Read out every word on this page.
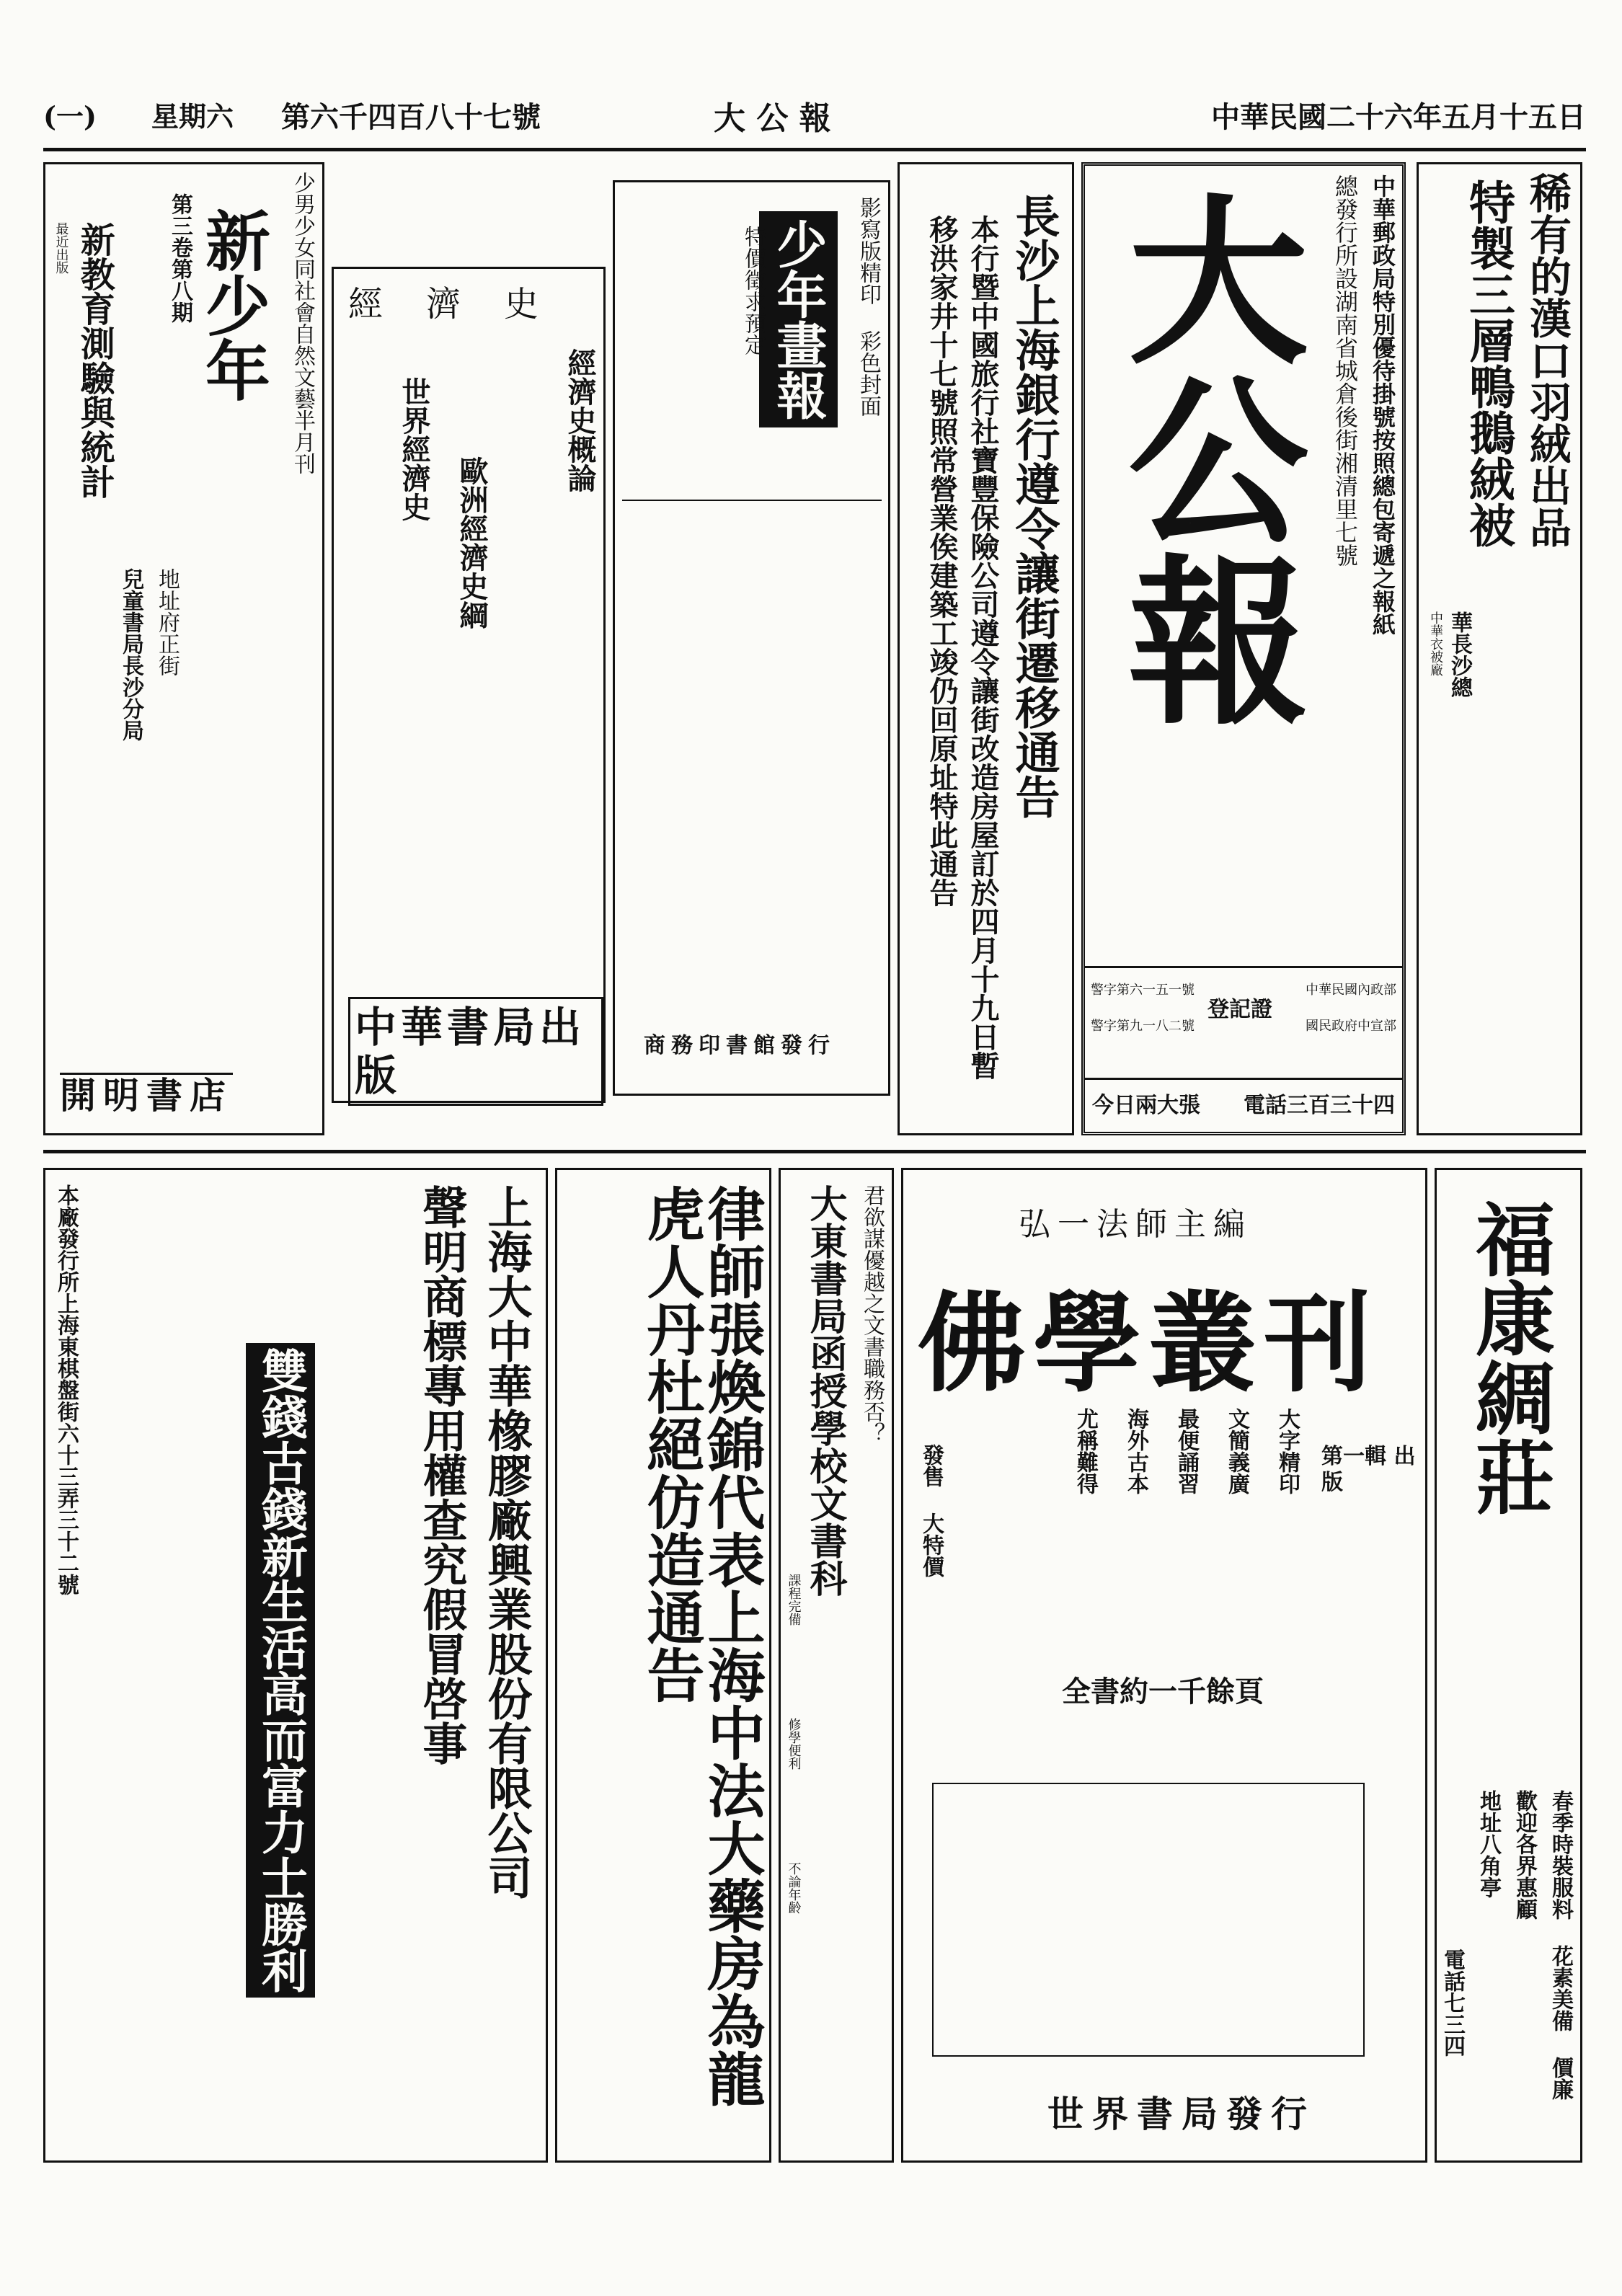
中華民國二十六年五月十五日
大 公 報
第六千四百八十七號
星期六
(一)
稀有的漢口羽絨出品
特製三層鴨鵝絨被
華長沙總
中華衣被廠
中華郵政局特別優待掛號按照總包寄遞之報紙
總發行所設湖南省城倉後街湘清里七號
大公報
登記證
警字第六一五一號
警字第九一八二號
中華民國內政部
國民政府中宣部
電話三百三十四
今日兩大張
長沙上海銀行遵令讓街遷移通告
本行暨中國旅行社寶豐保險公司遵令讓街改造房屋訂於四月十九日暫移洪家井十七號照常營業俟建築工竣仍回原址特此通告
影寫版精印 彩色封面
少年畫報
特價徵求預定
商務印書館發行
經濟史
經濟史概論
歐洲經濟史綱
世界經濟史
中華書局出版
少男少女同社會自然文藝半月刊
新少年
第三卷第八期
新教育測驗與統計
兒童書局長沙分局
最近出版
地址府正街
開明書店
福康綢莊
春季時裝服料 花素美備 價廉
歡迎各界惠顧
地址八角亭
電話七三四
弘一法師主編
佛學叢刊
第一輯 出版
大字精印
文簡義廣
最便誦習
海外古本
尤稱難得
發售 大特價
全書約一千餘頁
世界書局發行
君欲謀優越之文書職務否？
大東書局函授學校文書科
課程完備
修學便利
不論年齡
律師張煥錦代表上海中法大藥房為龍虎人丹杜絕仿造通告
上海大中華橡膠廠興業股份有限公司
聲明商標專用權查究假冒啓事
雙錢古錢新生活高而富力士勝利
本廠發行所上海東棋盤街六十三弄三十二號
